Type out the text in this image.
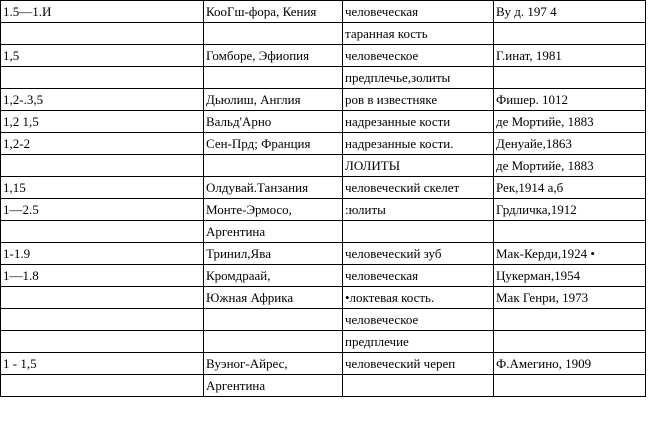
1.5—1.И	КооГш-фора, Кения	человеческая	Ву д. 197 4
		таранная кость	
1,5	Гомборе, Эфиопия	человеческое	Г.инат, 1981
		предплечье,золиты	
1,2-.3,5	Дьюлиш, Англия	ров в известняке	Фишер. 1012
1,2 1,5	Вальд'Арно	надрезанные кости	де Мортийе, 1883
1,2-2	Сен-Прд; Франция	надрезанные кости.	Денуайе,1863
		ЛОЛИТЫ	де Мортийе, 1883
1,15	Олдувай.Танзания	человеческий скелет	Рек,1914 а,б
1—2.5	Монте-Эрмосо,	:юлиты	Грдличка,1912
	Аргентина		
1-1.9	Тринил,Ява	человеческий зуб	Мак-Керди,1924 •
1—1.8	Кромдраай,	человеческая	Цукерман,1954
	Южная Африка	•локтевая кость.	Мак Генри, 1973
		человеческое	
		предплечие	
1 - 1,5	Вуэног-Айрес,	человеческий череп	Ф.Амегино, 1909
	Аргентина		
